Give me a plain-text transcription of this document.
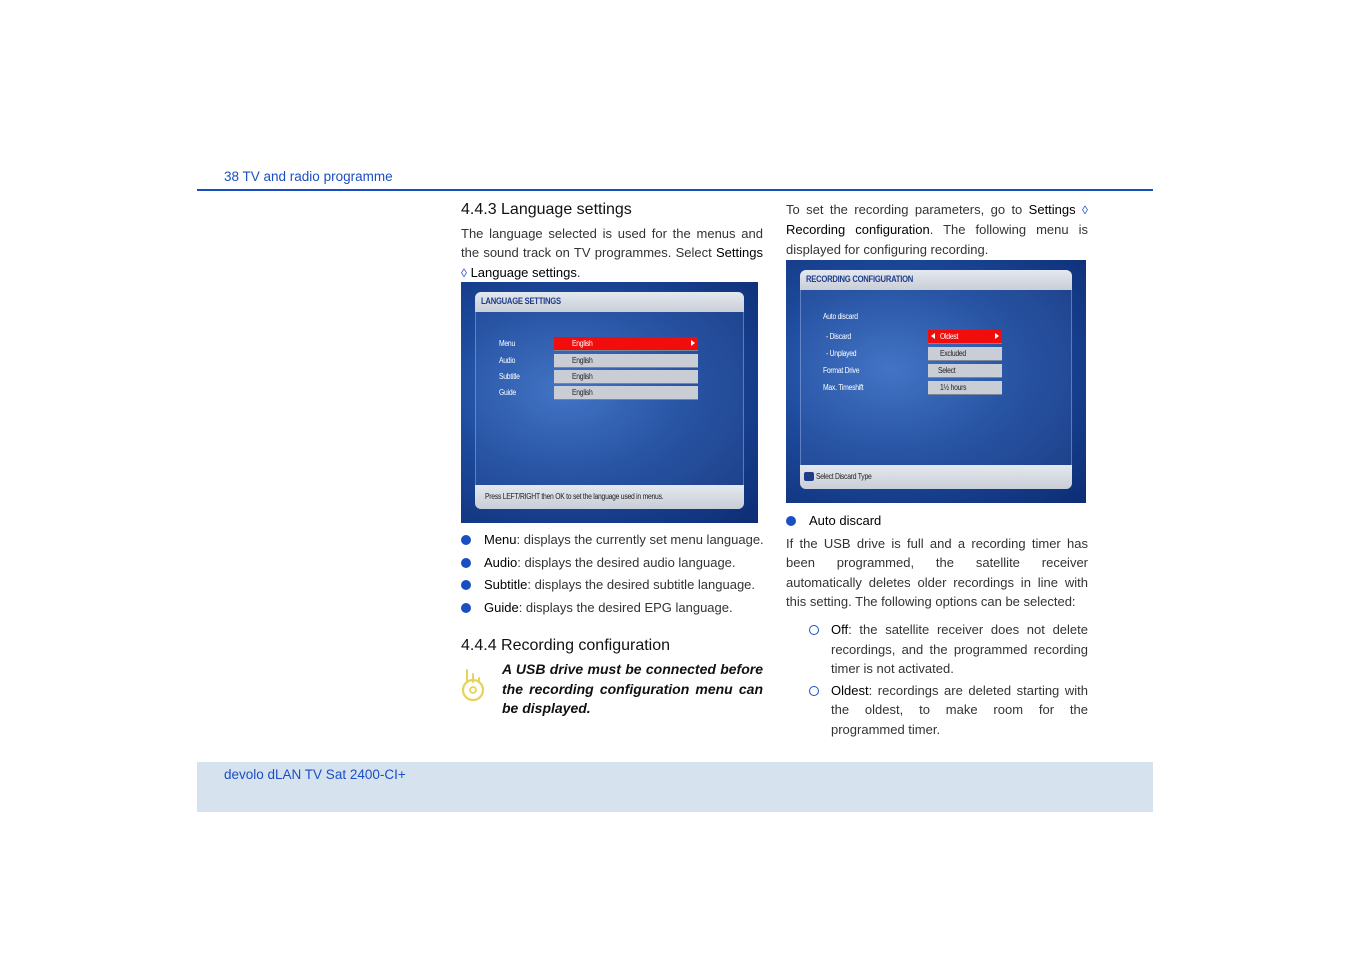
38 TV and radio programme
4.4.3 Language settings
The language selected is used for the menus and the sound track on TV programmes. Select Settings ◊ Language settings.
LANGUAGE SETTINGS
Menu	English
Audio	English
Subtitle	English
Guide	English
Press LEFT/RIGHT then OK to set the language used in menus.
Menu: displays the currently set menu language.
Audio: displays the desired audio language.
Subtitle: displays the desired subtitle language.
Guide: displays the desired EPG language.
4.4.4 Recording configuration
A USB drive must be connected before the recording configuration menu can be displayed.
To set the recording parameters, go to Settings ◊ Recording configuration. The following menu is displayed for configuring recording.
RECORDING CONFIGURATION
Auto discard
- Discard	Oldest
- Unplayed	Excluded
Format Drive	Select
Max. Timeshift	1½ hours
Select Discard Type
Auto discard
If the USB drive is full and a recording timer has been programmed, the satellite receiver automatically deletes older recordings in line with this setting. The following options can be selected:
Off: the satellite receiver does not delete recordings, and the programmed recording timer is not activated.
Oldest: recordings are deleted starting with the oldest, to make room for the programmed timer.
devolo dLAN TV Sat 2400-CI+
